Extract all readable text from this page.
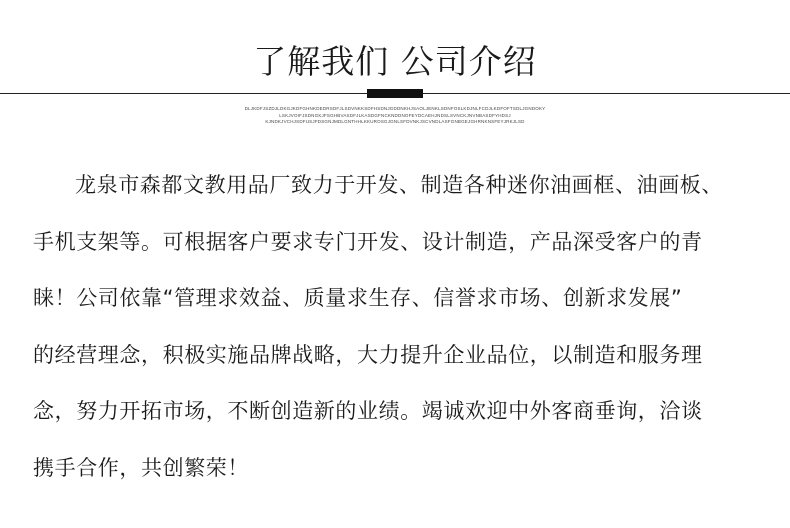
了解我们 公司介绍
DLJKDFJSZDJLDKGJKDFGHNKDEDRSDFJLSDVNKKSDFHSDNJGDDNKHJSAOLJENKLSDNFOSLKDJNLFCDJLKDFOFTSDLJGNDOKY
LSKJVOIFJSDNGKJFSGHBVASDFJLKASDGFNCKNDDNOFEYDCAEHJNDSLSVNCKJNVNBASDFYHDSJ
KJNDKJVCHJSDFUSJFDSGNJMDLGNTHHLKKUROSGJGNLSFDVNKJSCVNDLASFGNBGEJGHRNKNSFEYJRKJLSD
龙泉市森都文教用品厂致力于开发、制造各种迷你油画框、油画板、
手机支架等。可根据客户要求专门开发、设计制造，产品深受客户的青
睐！公司依靠“管理求效益、质量求生存、信誉求市场、创新求发展”
的经营理念，积极实施品牌战略，大力提升企业品位，以制造和服务理
念，努力开拓市场，不断创造新的业绩。竭诚欢迎中外客商垂询，洽谈
携手合作，共创繁荣！
